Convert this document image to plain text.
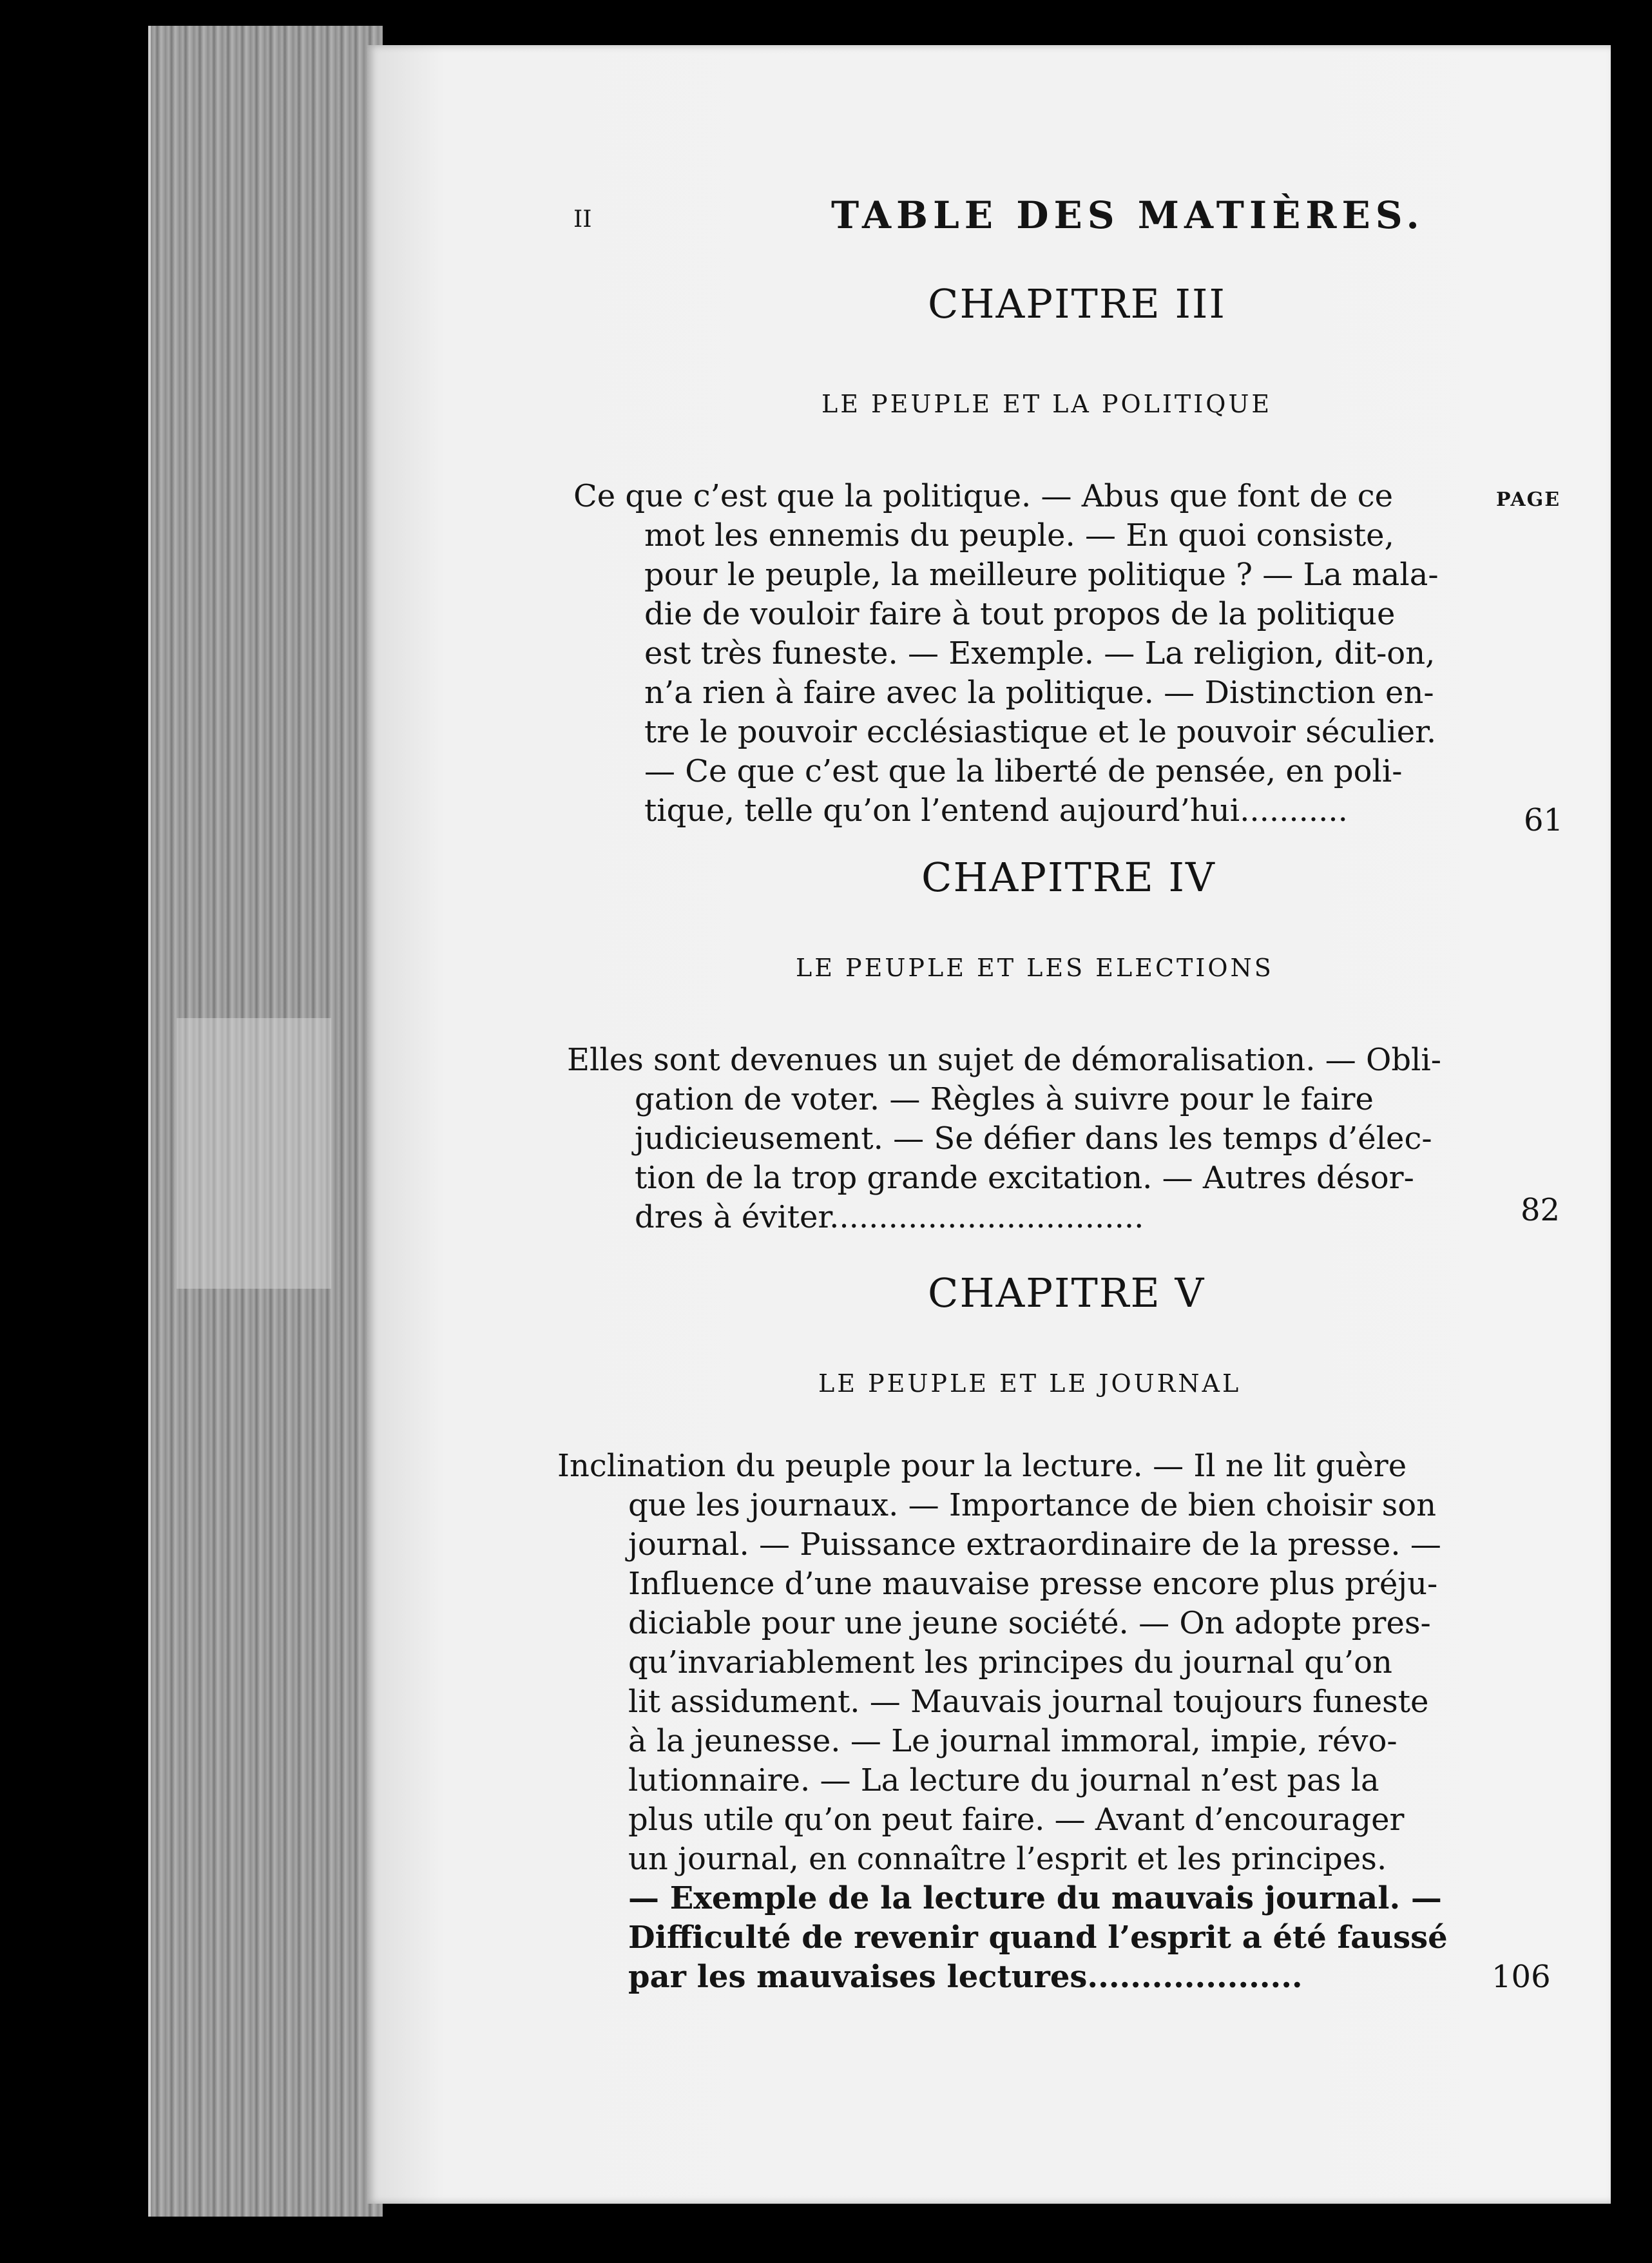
II	TABLE DES MATIÈRES.
CHAPITRE III
LE PEUPLE ET LA POLITIQUE
PAGE
Ce que c’est que la politique. — Abus que font de ce
mot les ennemis du peuple. — En quoi consiste,
pour le peuple, la meilleure politique ? — La mala-
die de vouloir faire à tout propos de la politique
est très funeste. — Exemple. — La religion, dit-on,
n’a rien à faire avec la politique. — Distinction en-
tre le pouvoir ecclésiastique et le pouvoir séculier.
— Ce que c’est que la liberté de pensée, en poli-
tique, telle qu’on l’entend aujourd’hui...........	61
CHAPITRE IV
LE PEUPLE ET LES ELECTIONS
Elles sont devenues un sujet de démoralisation. — Obli-
gation de voter. — Règles à suivre pour le faire
judicieusement. — Se défier dans les temps d’élec-
tion de la trop grande excitation. — Autres désor-
dres à éviter................................	82
CHAPITRE V
LE PEUPLE ET LE JOURNAL
Inclination du peuple pour la lecture. — Il ne lit guère
que les journaux. — Importance de bien choisir son
journal. — Puissance extraordinaire de la presse. —
Influence d’une mauvaise presse encore plus préju-
diciable pour une jeune société. — On adopte pres-
qu’invariablement les principes du journal qu’on
lit assidument. — Mauvais journal toujours funeste
à la jeunesse. — Le journal immoral, impie, révo-
lutionnaire. — La lecture du journal n’est pas la
plus utile qu’on peut faire. — Avant d’encourager
un journal, en connaître l’esprit et les principes.
— Exemple de la lecture du mauvais journal. —
Difficulté de revenir quand l’esprit a été faussé
par les mauvaises lectures....................	106
